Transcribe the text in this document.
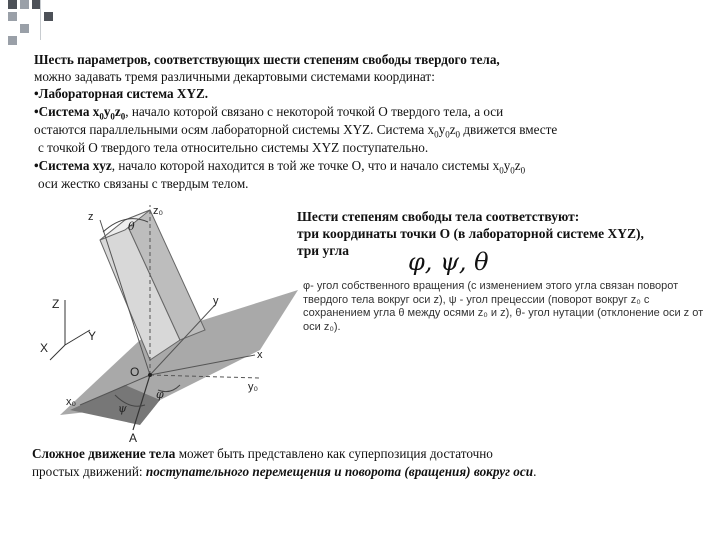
Шесть параметров, соответствующих шести степеням свободы твердого тела,
можно задавать тремя различными декартовыми системами координат:
•Лабораторная система XYZ.
•Система $x_0y_0z_0$, начало которой связано с некоторой точкой О твердого тела, а оси
остаются параллельными осям лабораторной системы XYZ. Система $x_0y_0z_0$ движется вместе
с точкой О твердого тела относительно системы XYZ поступательно.
•Система xyz, начало которой находится в той же точке О, что и начало системы $x_0y_0z_0$
оси жестко связаны с твердым телом.
Шести степеням свободы тела соответствуют:
три координаты точки О (в лабораторной системе XYZ),
три угла φ, ψ, θ
φ- угол собственного вращения (с изменением этого угла связан поворот
твердого тела вокруг оси z), ψ - угол прецессии (поворот вокруг z₀ с
сохранением угла θ между осями z₀ и z), θ- угол нутации (отклонение оси z от
оси z₀).
z	z₀
θ
Z
Y
X
y
x
O
y₀
x₀
φ
ψ
A
Сложное движение тела может быть представлено как суперпозиция достаточно
простых движений: поступательного перемещения и поворота (вращения) вокруг оси.
